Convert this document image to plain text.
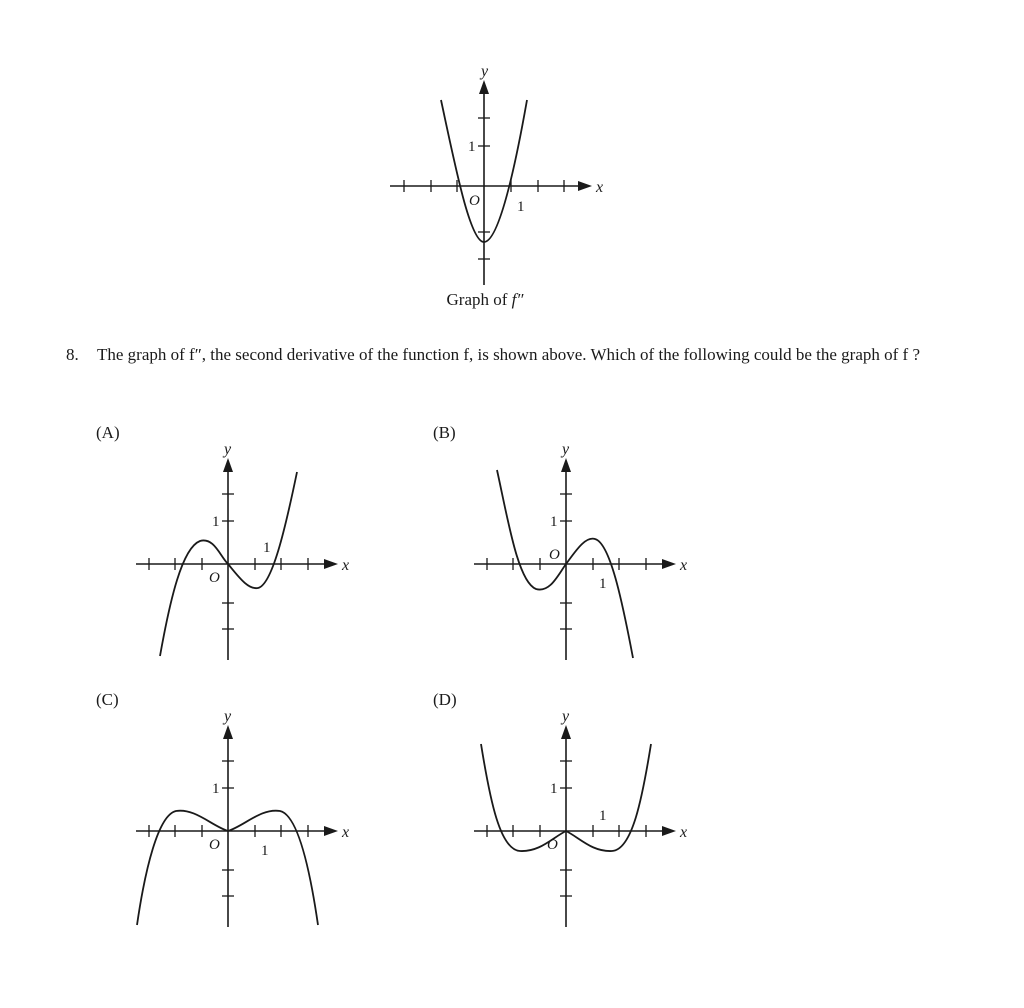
y
x
1
1
O
Graph of f″
8. The graph of f″, the second derivative of the function f, is shown above. Which of the following could be the graph of f ?
(A)	(B)
(C)	(D)
y
x
1
1
O
y
x
1
1
O
y
x
1
1
O
y
x
1
1
O
